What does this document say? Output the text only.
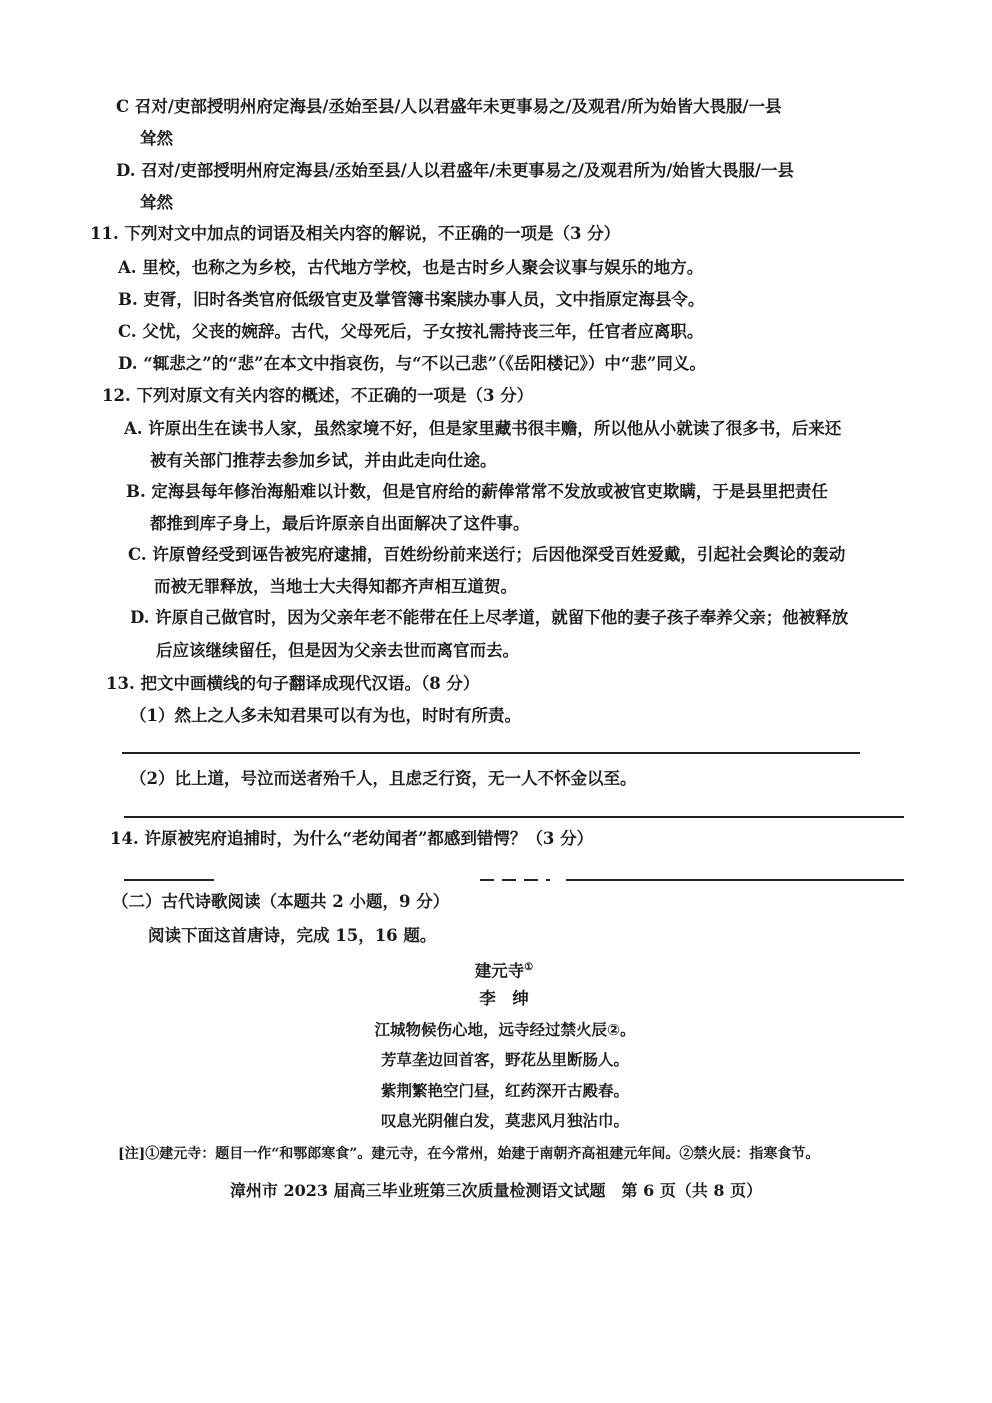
C 召对/吏部授明州府定海县/丞始至县/人以君盛年未更事易之/及观君/所为始皆大畏服/一县
耸然
D. 召对/吏部授明州府定海县/丞始至县/人以君盛年/未更事易之/及观君所为/始皆大畏服/一县
耸然
11. 下列对文中加点的词语及相关内容的解说，不正确的一项是（3 分）
A. 里校，也称之为乡校，古代地方学校，也是古时乡人聚会议事与娱乐的地方。
B. 吏胥，旧时各类官府低级官吏及掌管簿书案牍办事人员，文中指原定海县令。
C. 父忧，父丧的婉辞。古代，父母死后，子女按礼需持丧三年，任官者应离职。
D. “辄悲之”的“悲”在本文中指哀伤，与“不以己悲”（《岳阳楼记》）中“悲”同义。
12. 下列对原文有关内容的概述，不正确的一项是（3 分）
A. 许原出生在读书人家，虽然家境不好，但是家里藏书很丰赡，所以他从小就读了很多书，后来还
被有关部门推荐去参加乡试，并由此走向仕途。
B. 定海县每年修治海船难以计数，但是官府给的薪俸常常不发放或被官吏欺瞒，于是县里把责任
都推到库子身上，最后许原亲自出面解决了这件事。
C. 许原曾经受到诬告被宪府逮捕，百姓纷纷前来送行；后因他深受百姓爱戴，引起社会舆论的轰动
而被无罪释放，当地士大夫得知都齐声相互道贺。
D. 许原自己做官时，因为父亲年老不能带在任上尽孝道，就留下他的妻子孩子奉养父亲；他被释放
后应该继续留任，但是因为父亲去世而离官而去。
13. 把文中画横线的句子翻译成现代汉语。（8 分）
（1）然上之人多未知君果可以有为也，时时有所责。
（2）比上道，号泣而送者殆千人，且虑乏行资，无一人不怀金以至。
14. 许原被宪府追捕时，为什么“老幼闻者”都感到错愕？（3 分）
（二）古代诗歌阅读（本题共 2 小题，9 分）
阅读下面这首唐诗，完成 15，16 题。
建元寺①
李　绅
江城物候伤心地，远寺经过禁火辰②。
芳草垄边回首客，野花丛里断肠人。
紫荆繁艳空门昼，红药深开古殿春。
叹息光阴催白发，莫悲风月独沾巾。
[注]①建元寺：题目一作“和鄂郎寒食”。建元寺，在今常州，始建于南朝齐高祖建元年间。②禁火辰：指寒食节。
漳州市 2023 届高三毕业班第三次质量检测语文试题　第 6 页（共 8 页）
